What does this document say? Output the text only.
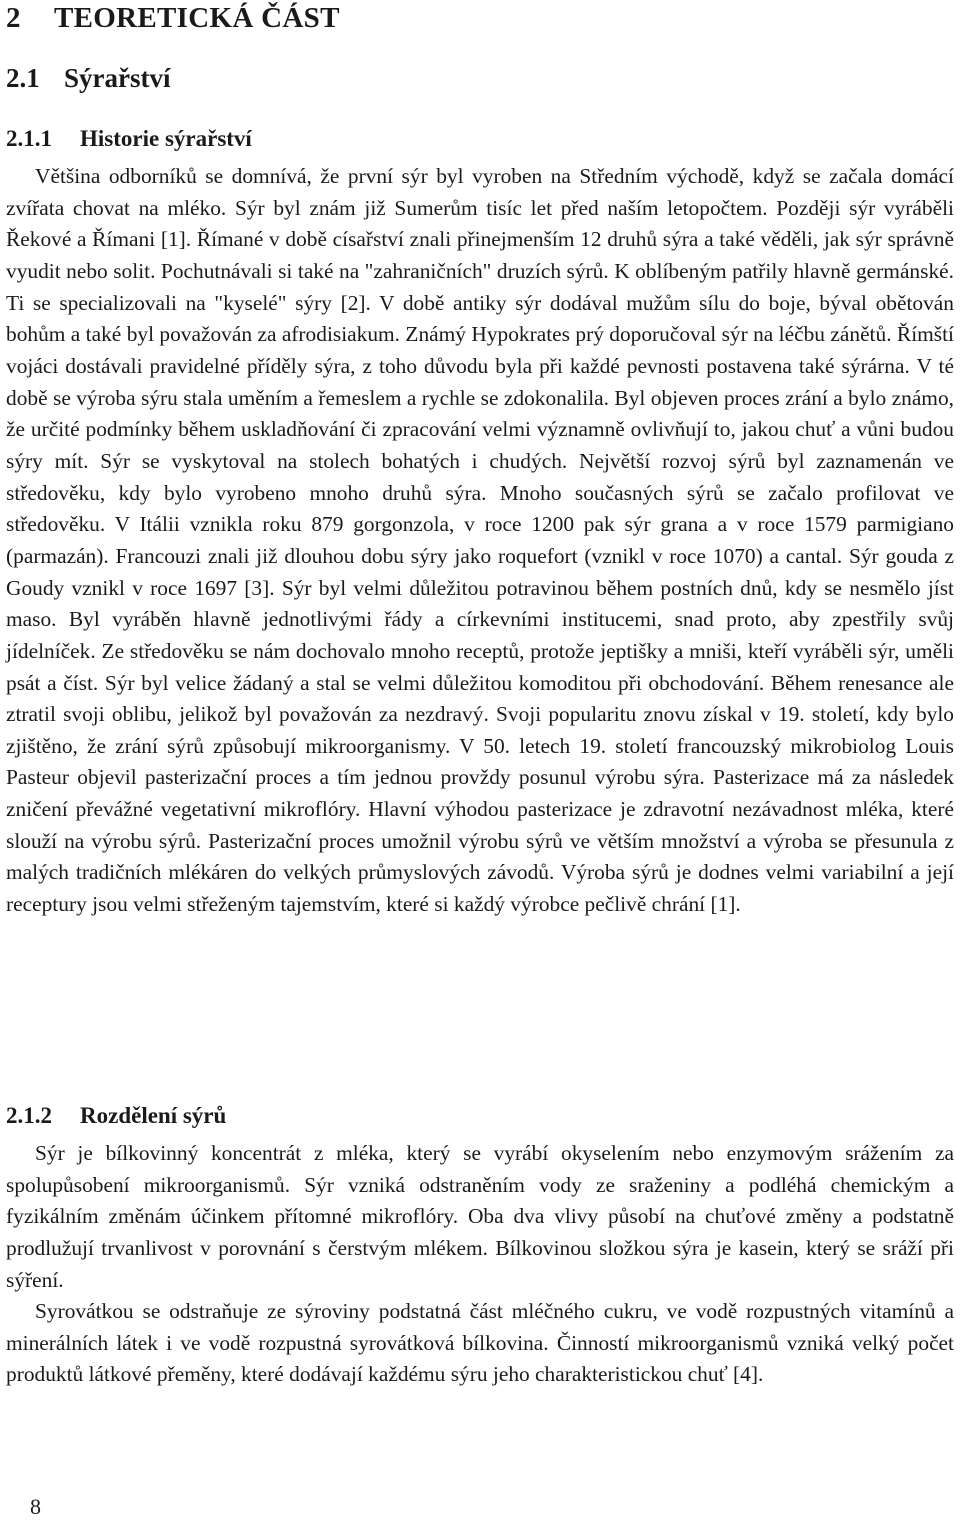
2 TEORETICKÁ ČÁST
2.1 Sýrařství
2.1.1 Historie sýrařství

Většina odborníků se domnívá, že první sýr byl vyroben na Středním východě, když se začala domácí zvířata chovat na mléko. Sýr byl znám již Sumerům tisíc let před naším letopočtem. Později sýr vyráběli Řekové a Římani [1]. Římané v době císařství znali přinejmenším 12 druhů sýra a také věděli, jak sýr správně vyudit nebo solit. Pochutnávali si také na "zahraničních" druzích sýrů. K oblíbeným patřily hlavně germánské. Ti se specializovali na "kyselé" sýry [2]. V době antiky sýr dodával mužům sílu do boje, býval obětován bohům a také byl považován za afrodisiakum. Známý Hypokrates prý doporučoval sýr na léčbu zánětů. Římští vojáci dostávali pravidelné příděly sýra, z toho důvodu byla při každé pevnosti postavena také sýrárna. V té době se výroba sýru stala uměním a řemeslem a rychle se zdokonalila. Byl objeven proces zrání a bylo známo, že určité podmínky během uskladňování či zpracování velmi významně ovlivňují to, jakou chuť a vůni budou sýry mít. Sýr se vyskytoval na stolech bohatých i chudých. Největší rozvoj sýrů byl zaznamenán ve středověku, kdy bylo vyrobeno mnoho druhů sýra. Mnoho současných sýrů se začalo profilovat ve středověku. V Itálii vznikla roku 879 gorgonzola, v roce 1200 pak sýr grana a v roce 1579 parmigiano (parmazán). Francouzi znali již dlouhou dobu sýry jako roquefort (vznikl v roce 1070) a cantal. Sýr gouda z Goudy vznikl v roce 1697 [3]. Sýr byl velmi důležitou potravinou během postních dnů, kdy se nesmělo jíst maso. Byl vyráběn hlavně jednotlivými řády a církevními institucemi, snad proto, aby zpestřily svůj jídelníček. Ze středověku se nám dochovalo mnoho receptů, protože jeptišky a mniši, kteří vyráběli sýr, uměli psát a číst. Sýr byl velice žádaný a stal se velmi důležitou komoditou při obchodování. Během renesance ale ztratil svoji oblibu, jelikož byl považován za nezdravý. Svoji popularitu znovu získal v 19. století, kdy bylo zjištěno, že zrání sýrů způsobují mikroorganismy. V 50. letech 19. století francouzský mikrobiolog Louis Pasteur objevil pasterizační proces a tím jednou provždy posunul výrobu sýra. Pasterizace má za následek zničení převážné vegetativní mikroflóry. Hlavní výhodou pasterizace je zdravotní nezávadnost mléka, které slouží na výrobu sýrů. Pasterizační proces umožnil výrobu sýrů ve větším množství a výroba se přesunula z malých tradičních mlékáren do velkých průmyslových závodů. Výroba sýrů je dodnes velmi variabilní a její receptury jsou velmi střeženým tajemstvím, které si každý výrobce pečlivě chrání [1].

2.1.2 Rozdělení sýrů

Sýr je bílkovinný koncentrát z mléka, který se vyrábí okyselením nebo enzymovým srážením za spolupůsobení mikroorganismů. Sýr vzniká odstraněním vody ze sraženiny a podléhá chemickým a fyzikálním změnám účinkem přítomné mikroflóry. Oba dva vlivy působí na chuťové změny a podstatně prodlužují trvanlivost v porovnání s čerstvým mlékem. Bílkovinou složkou sýra je kasein, který se sráží při sýření.

Syrovátkou se odstraňuje ze sýroviny podstatná část mléčného cukru, ve vodě rozpustných vitamínů a minerálních látek i ve vodě rozpustná syrovátková bílkovina. Činností mikroorganismů vzniká velký počet produktů látkové přeměny, které dodávají každému sýru jeho charakteristickou chuť [4].

8
